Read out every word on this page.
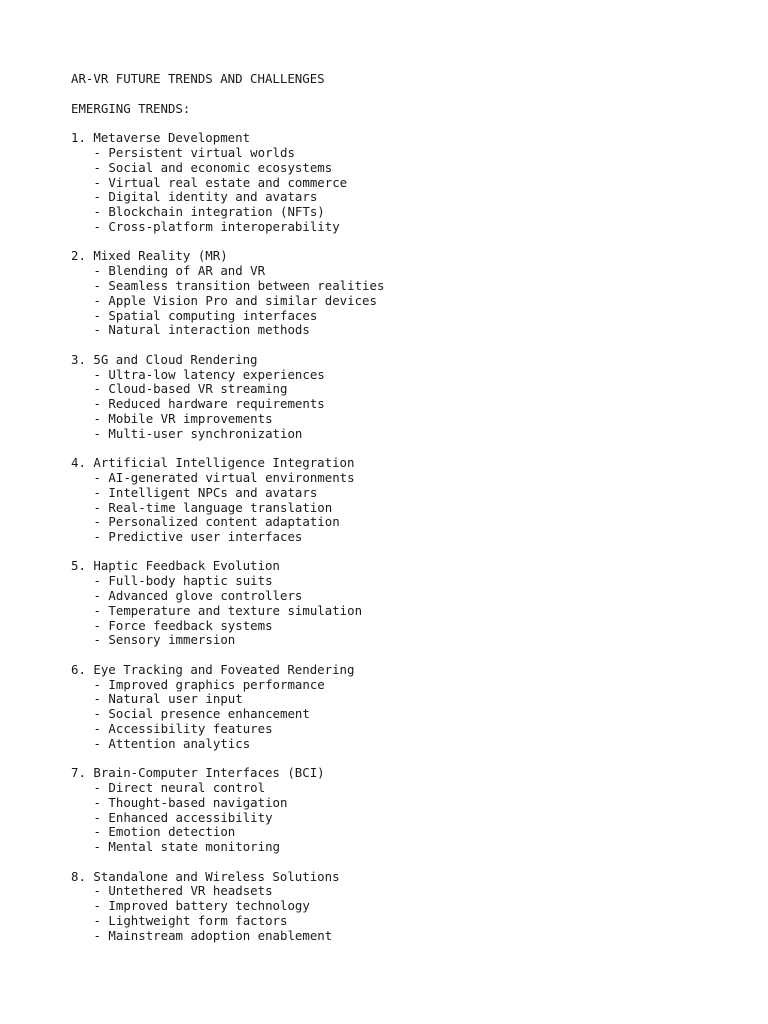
AR-VR FUTURE TRENDS AND CHALLENGES
EMERGING TRENDS:
1. Metaverse Development
- Persistent virtual worlds
- Social and economic ecosystems
- Virtual real estate and commerce
- Digital identity and avatars
- Blockchain integration (NFTs)
- Cross-platform interoperability
2. Mixed Reality (MR)
- Blending of AR and VR
- Seamless transition between realities
- Apple Vision Pro and similar devices
- Spatial computing interfaces
- Natural interaction methods
3. 5G and Cloud Rendering
- Ultra-low latency experiences
- Cloud-based VR streaming
- Reduced hardware requirements
- Mobile VR improvements
- Multi-user synchronization
4. Artificial Intelligence Integration
- AI-generated virtual environments
- Intelligent NPCs and avatars
- Real-time language translation
- Personalized content adaptation
- Predictive user interfaces
5. Haptic Feedback Evolution
- Full-body haptic suits
- Advanced glove controllers
- Temperature and texture simulation
- Force feedback systems
- Sensory immersion
6. Eye Tracking and Foveated Rendering
- Improved graphics performance
- Natural user input
- Social presence enhancement
- Accessibility features
- Attention analytics
7. Brain-Computer Interfaces (BCI)
- Direct neural control
- Thought-based navigation
- Enhanced accessibility
- Emotion detection
- Mental state monitoring
8. Standalone and Wireless Solutions
- Untethered VR headsets
- Improved battery technology
- Lightweight form factors
- Mainstream adoption enablement
